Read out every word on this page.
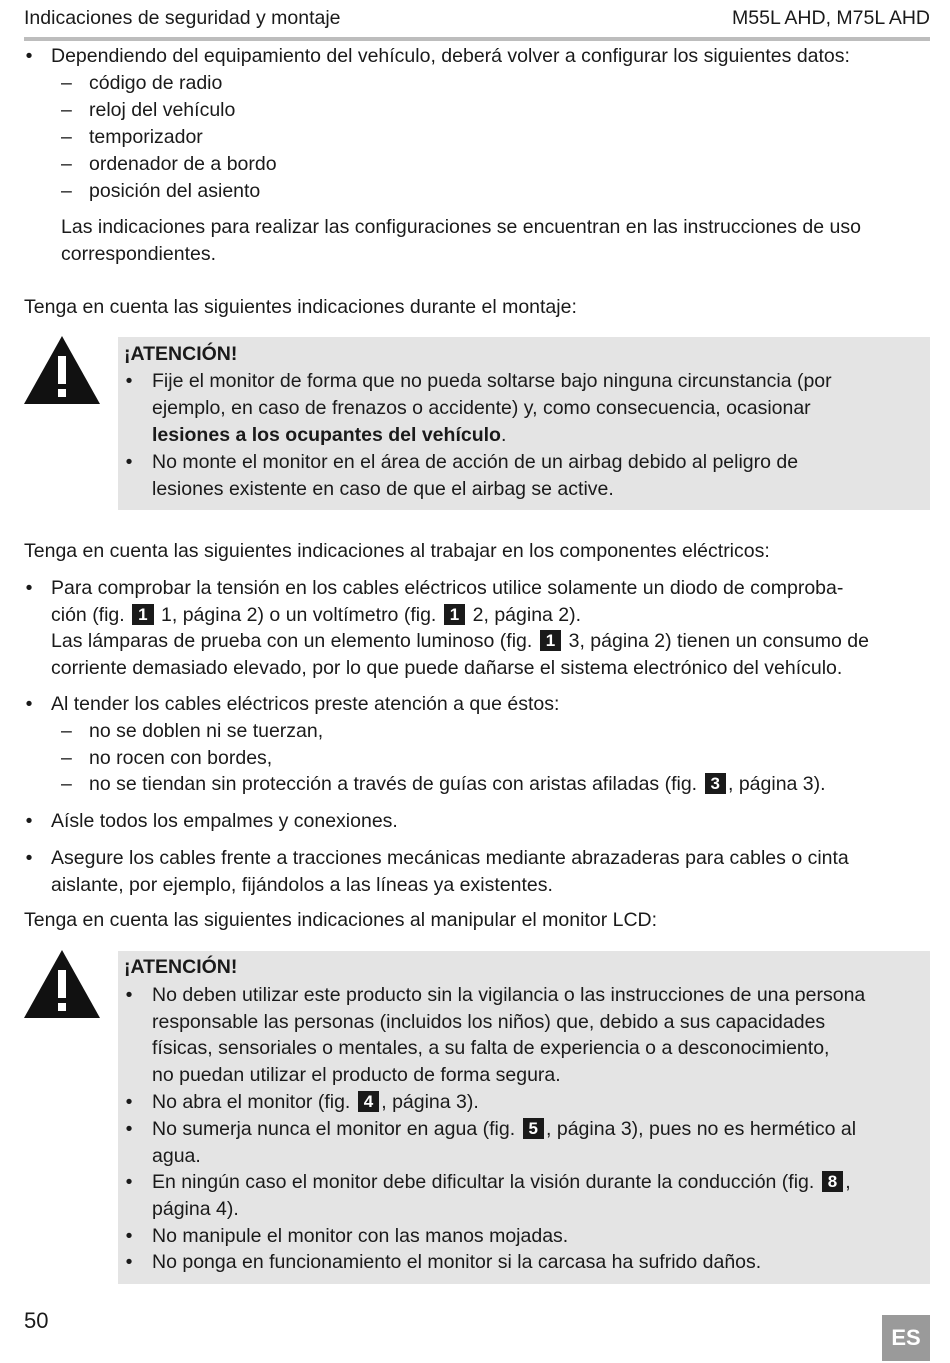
Indicaciones de seguridad y montaje	M55L AHD, M75L AHD
• Dependiendo del equipamiento del vehículo, deberá volver a configurar los siguientes datos:
– código de radio
– reloj del vehículo
– temporizador
– ordenador de a bordo
– posición del asiento
Las indicaciones para realizar las configuraciones se encuentran en las instrucciones de uso
correspondientes.
Tenga en cuenta las siguientes indicaciones durante el montaje:
¡ATENCIÓN!
• Fije el monitor de forma que no pueda soltarse bajo ninguna circunstancia (por
ejemplo, en caso de frenazos o accidente) y, como consecuencia, ocasionar
lesiones a los ocupantes del vehículo.
• No monte el monitor en el área de acción de un airbag debido al peligro de
lesiones existente en caso de que el airbag se active.
Tenga en cuenta las siguientes indicaciones al trabajar en los componentes eléctricos:
• Para comprobar la tensión en los cables eléctricos utilice solamente un diodo de comproba-
ción (fig. 1 1, página 2) o un voltímetro (fig. 1 2, página 2).
Las lámparas de prueba con un elemento luminoso (fig. 1 3, página 2) tienen un consumo de
corriente demasiado elevado, por lo que puede dañarse el sistema electrónico del vehículo.
• Al tender los cables eléctricos preste atención a que éstos:
– no se doblen ni se tuerzan,
– no rocen con bordes,
– no se tiendan sin protección a través de guías con aristas afiladas (fig. 3 , página 3).
• Aísle todos los empalmes y conexiones.
• Asegure los cables frente a tracciones mecánicas mediante abrazaderas para cables o cinta
aislante, por ejemplo, fijándolos a las líneas ya existentes.
Tenga en cuenta las siguientes indicaciones al manipular el monitor LCD:
¡ATENCIÓN!
• No deben utilizar este producto sin la vigilancia o las instrucciones de una persona
responsable las personas (incluidos los niños) que, debido a sus capacidades
físicas, sensoriales o mentales, a su falta de experiencia o a desconocimiento,
no puedan utilizar el producto de forma segura.
• No abra el monitor (fig. 4 , página 3).
• No sumerja nunca el monitor en agua (fig. 5 , página 3), pues no es hermético al
agua.
• En ningún caso el monitor debe dificultar la visión durante la conducción (fig. 8 ,
página 4).
• No manipule el monitor con las manos mojadas.
• No ponga en funcionamiento el monitor si la carcasa ha sufrido daños.
50
ES
